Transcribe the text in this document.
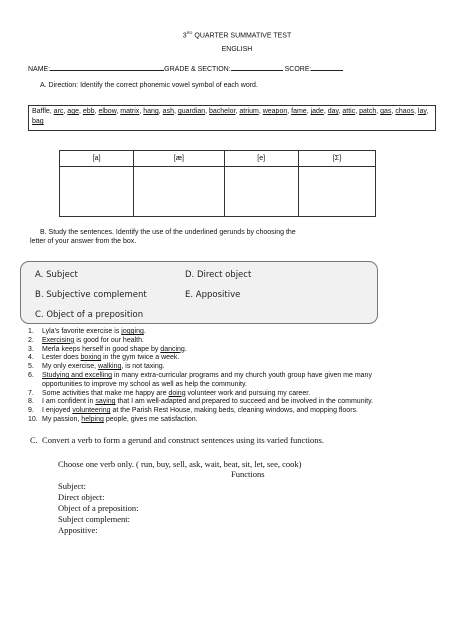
3RD QUARTER SUMMATIVE TEST
ENGLISH
NAME:	GRADE & SECTION:	SCORE:
A. Direction: Identify the correct phonemic vowel symbol of each word.
Baffle, arc, age, ebb, elbow, matrix, hang, ash, guardian, bachelor, atrium, weapon, fame, jade, day, attic, patch, gas, chaos, lay, bag
[a]	[æ]	[e]	[Σ]

B. Study the sentences. Identify the use of the underlined gerunds by choosing the
letter of your answer from the box.
A. Subject	D. Direct object
B. Subjective complement	E. Appositive
C. Object of a preposition
1. Lyla's favorite exercise is jogging.
2. Exercising is good for our health.
3. Merla keeps herself in good shape by dancing.
4. Lester does boxing in the gym twice a week.
5. My only exercise, walking, is not taxing.
6. Studying and excelling in many extra-curricular programs and my church youth group have given me many
opportunities to improve my school as well as help the community.
7. Some activities that make me happy are doing volunteer work and pursuing my career.
8. I am confident in saying that I am well-adapted and prepared to succeed and be involved in the community.
9. I enjoyed volunteering at the Parish Rest House, making beds, cleaning windows, and mopping floors.
10. My passion, helping people, gives me satisfaction.
C. Convert a verb to form a gerund and construct sentences using its varied functions.
Choose one verb only. ( run, buy, sell, ask, wait, beat, sit, let, see, cook)
Functions
Subject:
Direct object:
Object of a preposition:
Subject complement:
Appositive:
